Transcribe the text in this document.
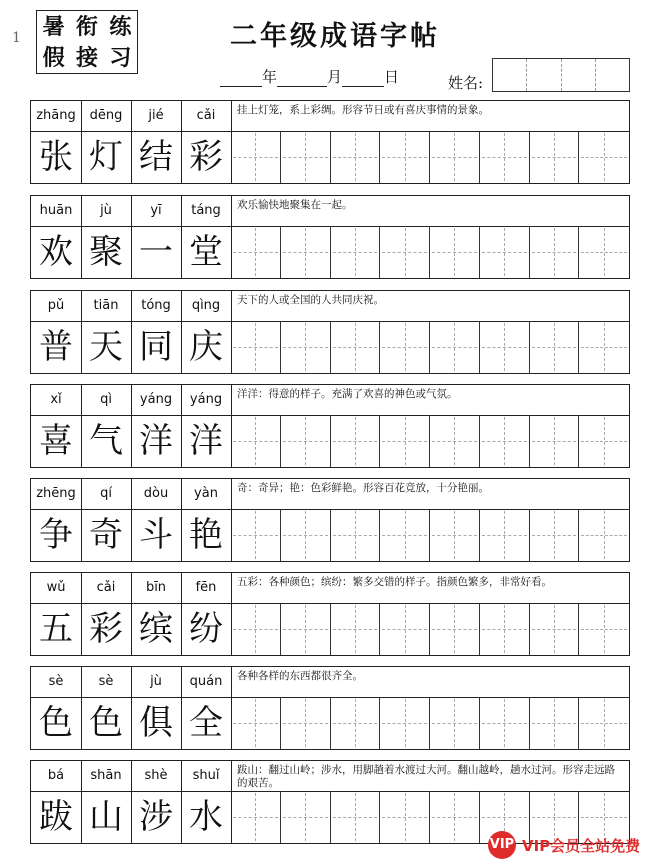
1 暑 衔 练
假 接 习
二年级成语字帖
年	月	日	姓名:
zhāng	dēng	jié	cǎi	挂上灯笼，系上彩绸。形容节日或有喜庆事情的景象。
张 灯 结 彩
huān	jù	yī	táng	欢乐愉快地聚集在一起。
欢 聚 一 堂
pǔ	tiān	tóng	qìng	天下的人或全国的人共同庆祝。
普 天 同 庆
xǐ	qì	yáng	yáng	洋洋：得意的样子。充满了欢喜的神色或气氛。
喜 气 洋 洋
zhēng	qí	dòu	yàn	奇：奇异；艳：色彩鲜艳。形容百花竞放，十分艳丽。
争 奇 斗 艳
wǔ	cǎi	bīn	fēn	五彩：各种颜色；缤纷：繁多交错的样子。指颜色繁多，非常好看。
五 彩 缤 纷
sè	sè	jù	quán	各种各样的东西都很齐全。
色 色 俱 全
bá	shān	shè	shuǐ	跋山：翻过山岭；涉水，用脚趟着水渡过大河。翻山越岭，趟水过河。形容走远路的艰苦。
跋 山 涉 水
VIP VIP会员全站免费
